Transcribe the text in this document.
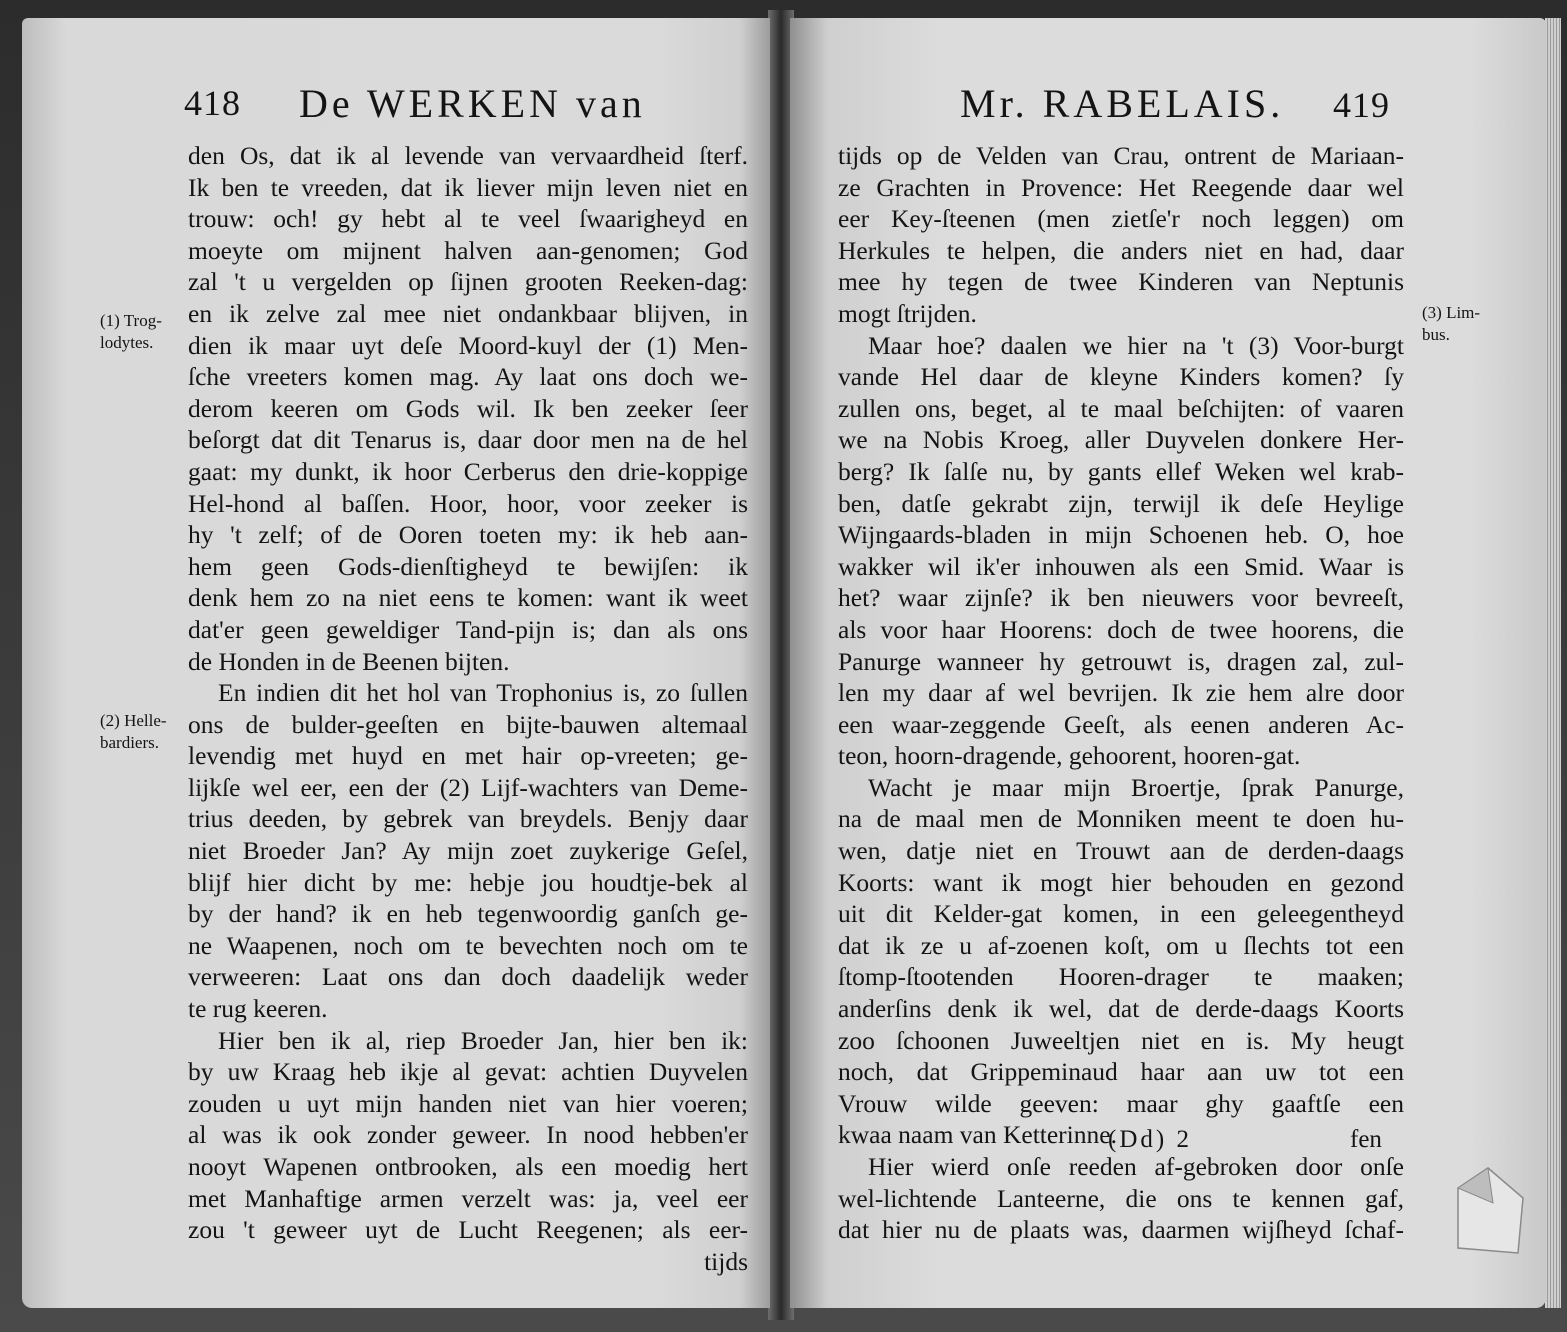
418 De WERKEN van
den Os, dat ik al levende van vervaardheid ſterf.
Ik ben te vreeden, dat ik liever mijn leven niet en
trouw: och! gy hebt al te veel ſwaarigheyd en
moeyte om mijnent halven aan-genomen; God
zal 't u vergelden op ſijnen grooten Reeken-dag:
en ik zelve zal mee niet ondankbaar blijven, in
dien ik maar uyt deſe Moord-kuyl der (1) Men-
ſche vreeters komen mag. Ay laat ons doch we-
derom keeren om Gods wil. Ik ben zeeker ſeer
beſorgt dat dit Tenarus is, daar door men na de hel
gaat: my dunkt, ik hoor Cerberus den drie-koppige
Hel-hond al baſſen. Hoor, hoor, voor zeeker is
hy 't zelf; of de Ooren toeten my: ik heb aan-
hem geen Gods-dienſtigheyd te bewijſen: ik
denk hem zo na niet eens te komen: want ik weet
dat'er geen geweldiger Tand-pijn is; dan als ons
de Honden in de Beenen bijten.
En indien dit het hol van Trophonius is, zo ſullen
ons de bulder-geeſten en bijte-bauwen altemaal
levendig met huyd en met hair op-vreeten; ge-
lijkſe wel eer, een der (2) Lijf-wachters van Deme-
trius deeden, by gebrek van breydels. Benjy daar
niet Broeder Jan? Ay mijn zoet zuykerige Geſel,
blijf hier dicht by me: hebje jou houdtje-bek al
by der hand? ik en heb tegenwoordig ganſch ge-
ne Waapenen, noch om te bevechten noch om te
verweeren: Laat ons dan doch daadelijk weder
te rug keeren.
Hier ben ik al, riep Broeder Jan, hier ben ik:
by uw Kraag heb ikje al gevat: achtien Duyvelen
zouden u uyt mijn handen niet van hier voeren;
al was ik ook zonder geweer. In nood hebben'er
nooyt Wapenen ontbrooken, als een moedig hert
met Manhaftige armen verzelt was: ja, veel eer
zou 't geweer uyt de Lucht Reegenen; als eer-
tijds
(1) Trog-
lodytes.
(2) Helle-
bardiers.
Mr. RABELAIS. 419
tijds op de Velden van Crau, ontrent de Mariaan-
ze Grachten in Provence: Het Reegende daar wel
eer Key-ſteenen (men zietſe'r noch leggen) om
Herkules te helpen, die anders niet en had, daar
mee hy tegen de twee Kinderen van Neptunis
mogt ſtrijden.
Maar hoe? daalen we hier na 't (3) Voor-burgt
vande Hel daar de kleyne Kinders komen? ſy
zullen ons, beget, al te maal beſchijten: of vaaren
we na Nobis Kroeg, aller Duyvelen donkere Her-
berg? Ik ſalſe nu, by gants ellef Weken wel krab-
ben, datſe gekrabt zijn, terwijl ik deſe Heylige
Wijngaards-bladen in mijn Schoenen heb. O, hoe
wakker wil ik'er inhouwen als een Smid. Waar is
het? waar zijnſe? ik ben nieuwers voor bevreeſt,
als voor haar Hoorens: doch de twee hoorens, die
Panurge wanneer hy getrouwt is, dragen zal, zul-
len my daar af wel bevrijen. Ik zie hem alre door
een waar-zeggende Geeſt, als eenen anderen Ac-
teon, hoorn-dragende, gehoorent, hooren-gat.
Wacht je maar mijn Broertje, ſprak Panurge,
na de maal men de Monniken meent te doen hu-
wen, datje niet en Trouwt aan de derden-daags
Koorts: want ik mogt hier behouden en gezond
uit dit Kelder-gat komen, in een geleegentheyd
dat ik ze u af-zoenen koſt, om u ſlechts tot een
ſtomp-ſtootenden Hooren-drager te maaken;
anderſins denk ik wel, dat de derde-daags Koorts
zoo ſchoonen Juweeltjen niet en is. My heugt
noch, dat Grippeminaud haar aan uw tot een
Vrouw wilde geeven: maar ghy gaaftſe een
kwaa naam van Ketterinne.
Hier wierd onſe reeden af-gebroken door onſe
wel-lichtende Lanteerne, die ons te kennen gaf,
dat hier nu de plaats was, daarmen wijſheyd ſchaf-
(3) Lim-
bus.
(Dd) 2	fen
